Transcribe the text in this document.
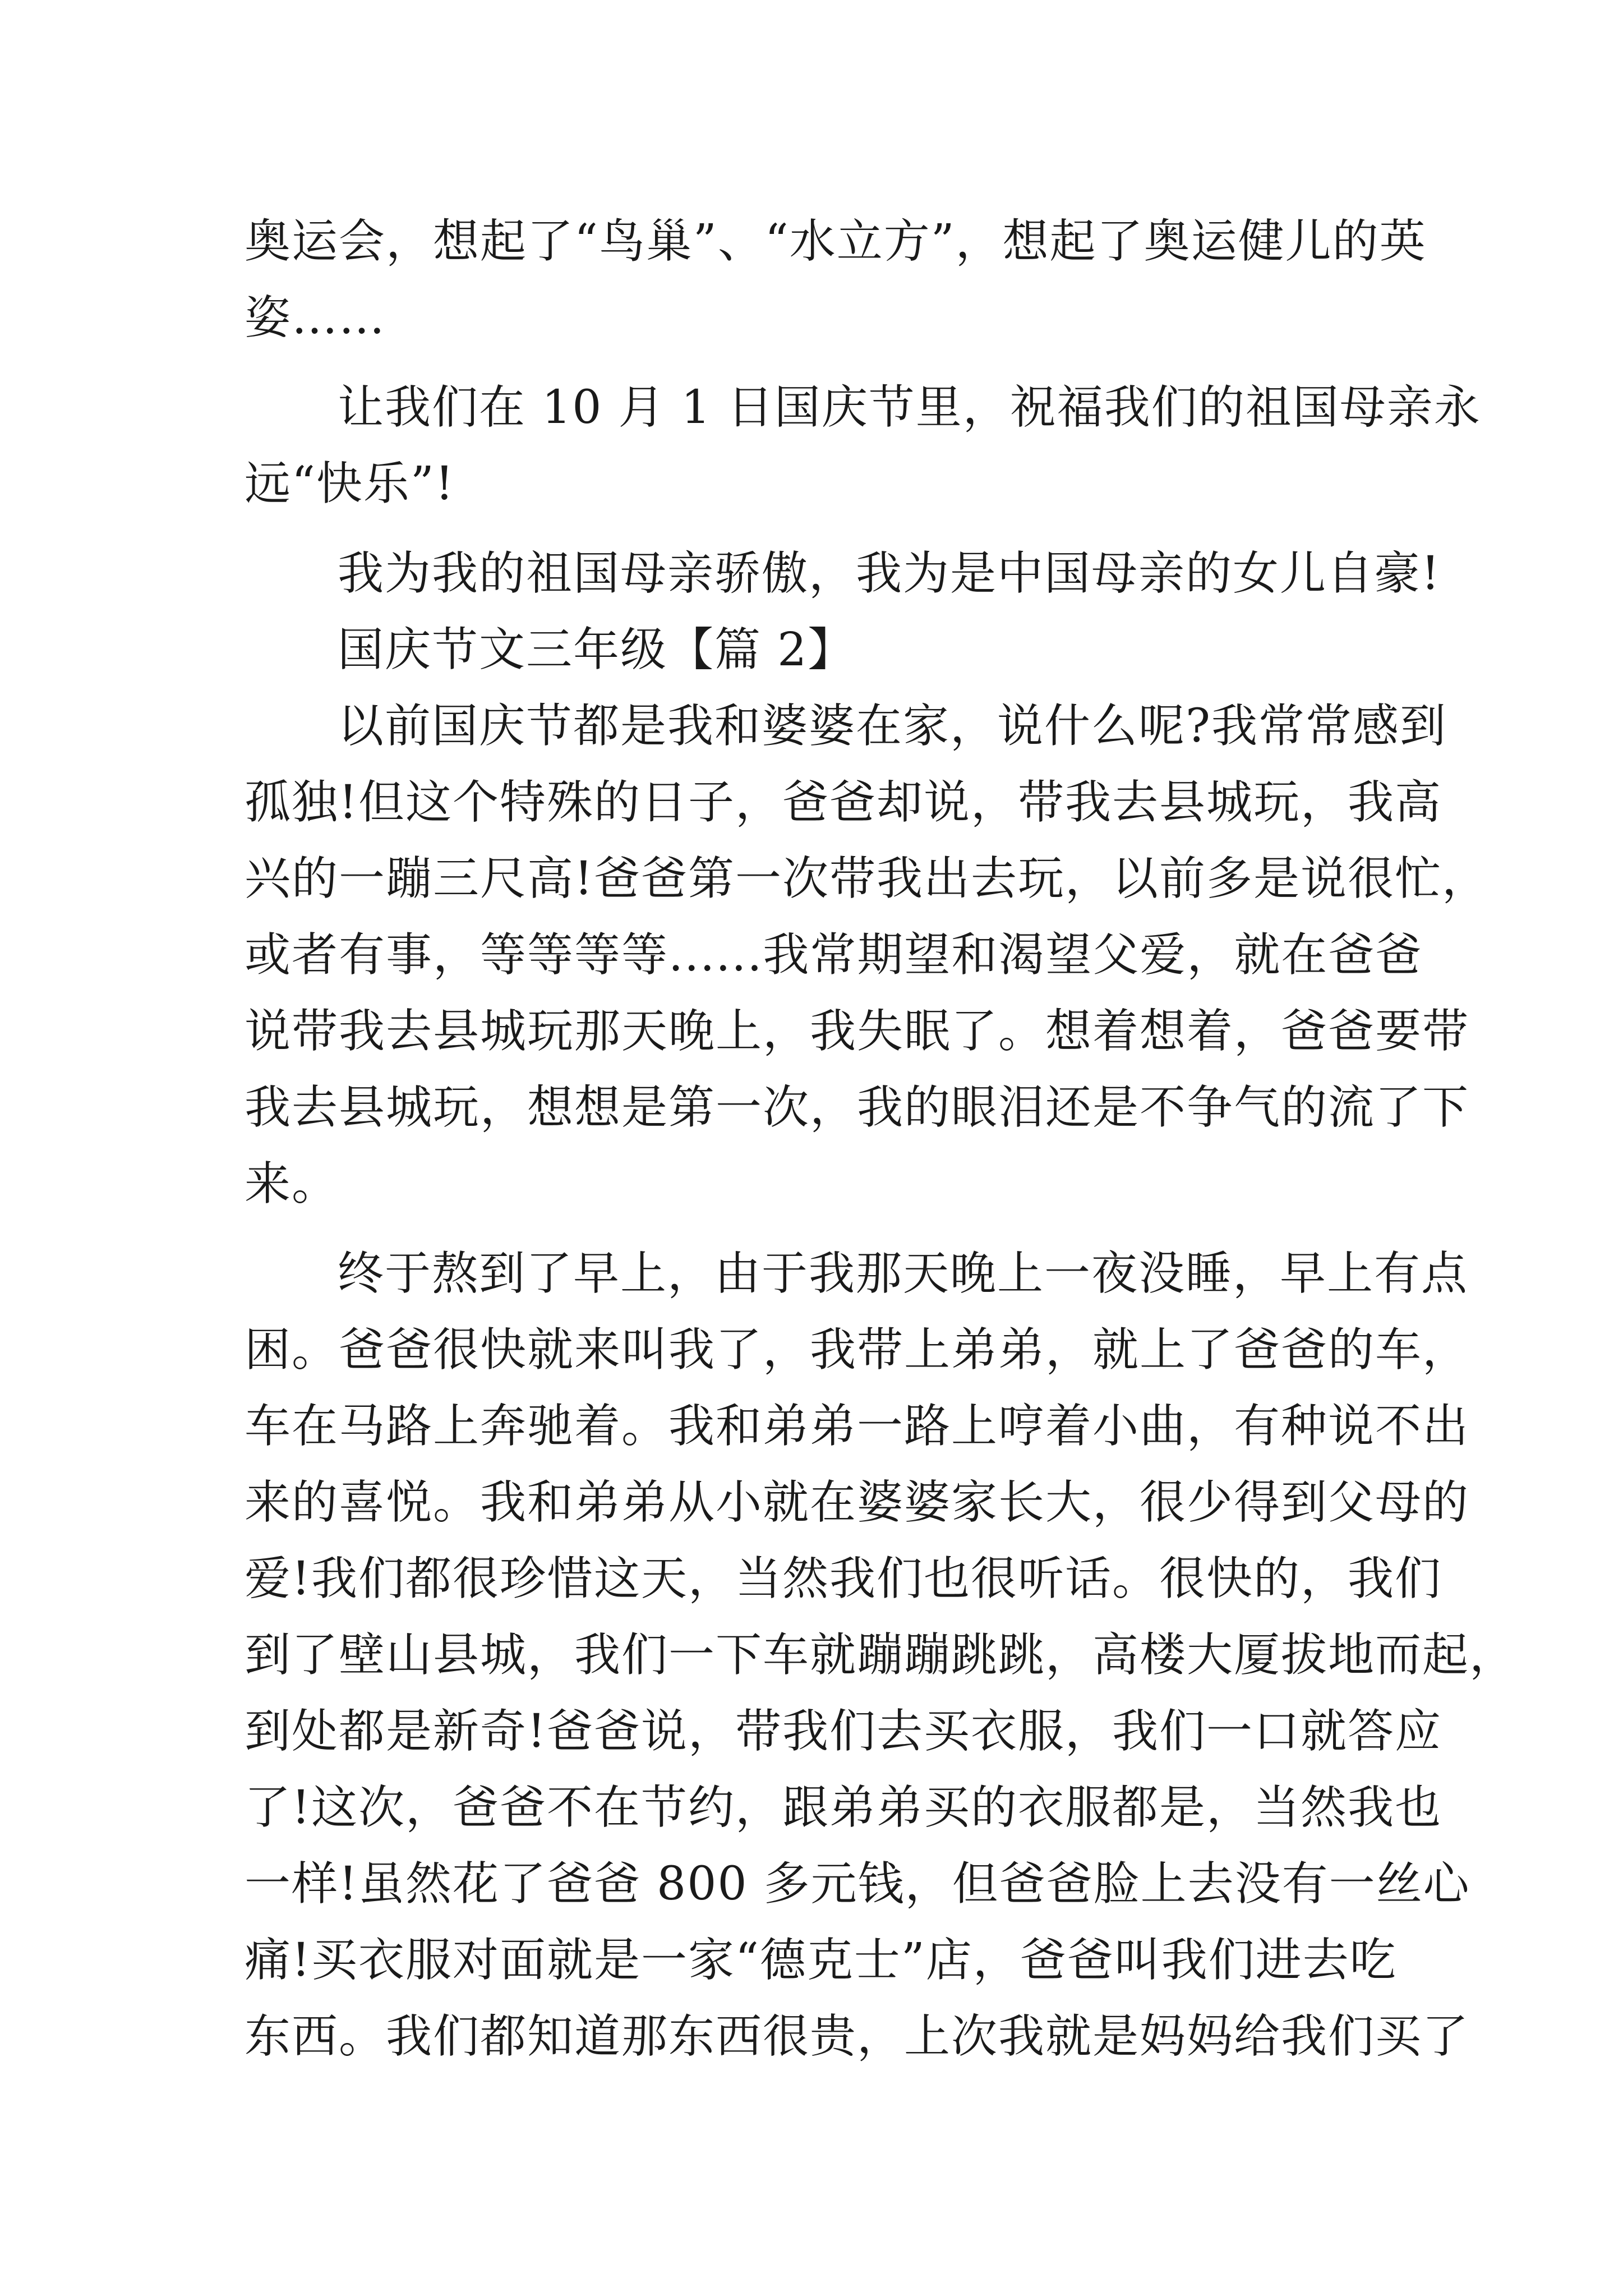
奥运会，想起了“鸟巢”、“水立方”，想起了奥运健儿的英
姿……
让我们在 10 月 1 日国庆节里，祝福我们的祖国母亲永
远“快乐”!
我为我的祖国母亲骄傲，我为是中国母亲的女儿自豪!
国庆节文三年级【篇 2】
以前国庆节都是我和婆婆在家，说什么呢?我常常感到
孤独!但这个特殊的日子，爸爸却说，带我去县城玩，我高
兴的一蹦三尺高!爸爸第一次带我出去玩，以前多是说很忙，
或者有事，等等等等......我常期望和渴望父爱，就在爸爸
说带我去县城玩那天晚上，我失眠了。想着想着，爸爸要带
我去县城玩，想想是第一次，我的眼泪还是不争气的流了下
来。
终于熬到了早上，由于我那天晚上一夜没睡，早上有点
困。爸爸很快就来叫我了，我带上弟弟，就上了爸爸的车，
车在马路上奔驰着。我和弟弟一路上哼着小曲，有种说不出
来的喜悦。我和弟弟从小就在婆婆家长大，很少得到父母的
爱!我们都很珍惜这天，当然我们也很听话。很快的，我们
到了壁山县城，我们一下车就蹦蹦跳跳，高楼大厦拔地而起，
到处都是新奇!爸爸说，带我们去买衣服，我们一口就答应
了!这次，爸爸不在节约，跟弟弟买的衣服都是，当然我也
一样!虽然花了爸爸 800 多元钱，但爸爸脸上去没有一丝心
痛!买衣服对面就是一家“德克士”店，爸爸叫我们进去吃
东西。我们都知道那东西很贵，上次我就是妈妈给我们买了
